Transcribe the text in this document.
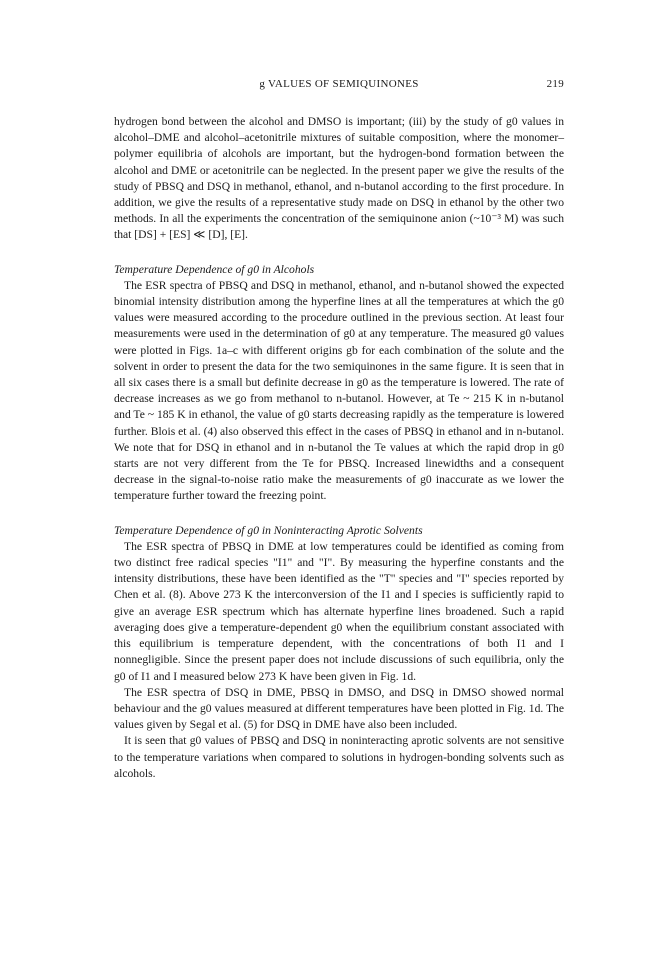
g VALUES OF SEMIQUINONES	219

hydrogen bond between the alcohol and DMSO is important; (iii) by the study of g0 values in alcohol–DME and alcohol–acetonitrile mixtures of suitable composition, where the monomer–polymer equilibria of alcohols are important, but the hydrogen-bond formation between the alcohol and DME or acetonitrile can be neglected. In the present paper we give the results of the study of PBSQ and DSQ in methanol, ethanol, and n-butanol according to the first procedure. In addition, we give the results of a representative study made on DSQ in ethanol by the other two methods. In all the experiments the concentration of the semiquinone anion (~10⁻³ M) was such that [DS] + [ES] ≪ [D], [E].

Temperature Dependence of g0 in Alcohols

The ESR spectra of PBSQ and DSQ in methanol, ethanol, and n-butanol showed the expected binomial intensity distribution among the hyperfine lines at all the temperatures at which the g0 values were measured according to the procedure outlined in the previous section. At least four measurements were used in the determination of g0 at any temperature. The measured g0 values were plotted in Figs. 1a–c with different origins gb for each combination of the solute and the solvent in order to present the data for the two semiquinones in the same figure. It is seen that in all six cases there is a small but definite decrease in g0 as the temperature is lowered. The rate of decrease increases as we go from methanol to n-butanol. However, at Te ~ 215 K in n-butanol and Te ~ 185 K in ethanol, the value of g0 starts decreasing rapidly as the temperature is lowered further. Blois et al. (4) also observed this effect in the cases of PBSQ in ethanol and in n-butanol. We note that for DSQ in ethanol and in n-butanol the Te values at which the rapid drop in g0 starts are not very different from the Te for PBSQ. Increased linewidths and a consequent decrease in the signal-to-noise ratio make the measurements of g0 inaccurate as we lower the temperature further toward the freezing point.

Temperature Dependence of g0 in Noninteracting Aprotic Solvents

The ESR spectra of PBSQ in DME at low temperatures could be identified as coming from two distinct free radical species "I1" and "I". By measuring the hyperfine constants and the intensity distributions, these have been identified as the "T" species and "I" species reported by Chen et al. (8). Above 273 K the interconversion of the I1 and I species is sufficiently rapid to give an average ESR spectrum which has alternate hyperfine lines broadened. Such a rapid averaging does give a temperature-dependent g0 when the equilibrium constant associated with this equilibrium is temperature dependent, with the concentrations of both I1 and I nonnegligible. Since the present paper does not include discussions of such equilibria, only the g0 of I1 and I measured below 273 K have been given in Fig. 1d.

The ESR spectra of DSQ in DME, PBSQ in DMSO, and DSQ in DMSO showed normal behaviour and the g0 values measured at different temperatures have been plotted in Fig. 1d. The values given by Segal et al. (5) for DSQ in DME have also been included.

It is seen that g0 values of PBSQ and DSQ in noninteracting aprotic solvents are not sensitive to the temperature variations when compared to solutions in hydrogen-bonding solvents such as alcohols.
